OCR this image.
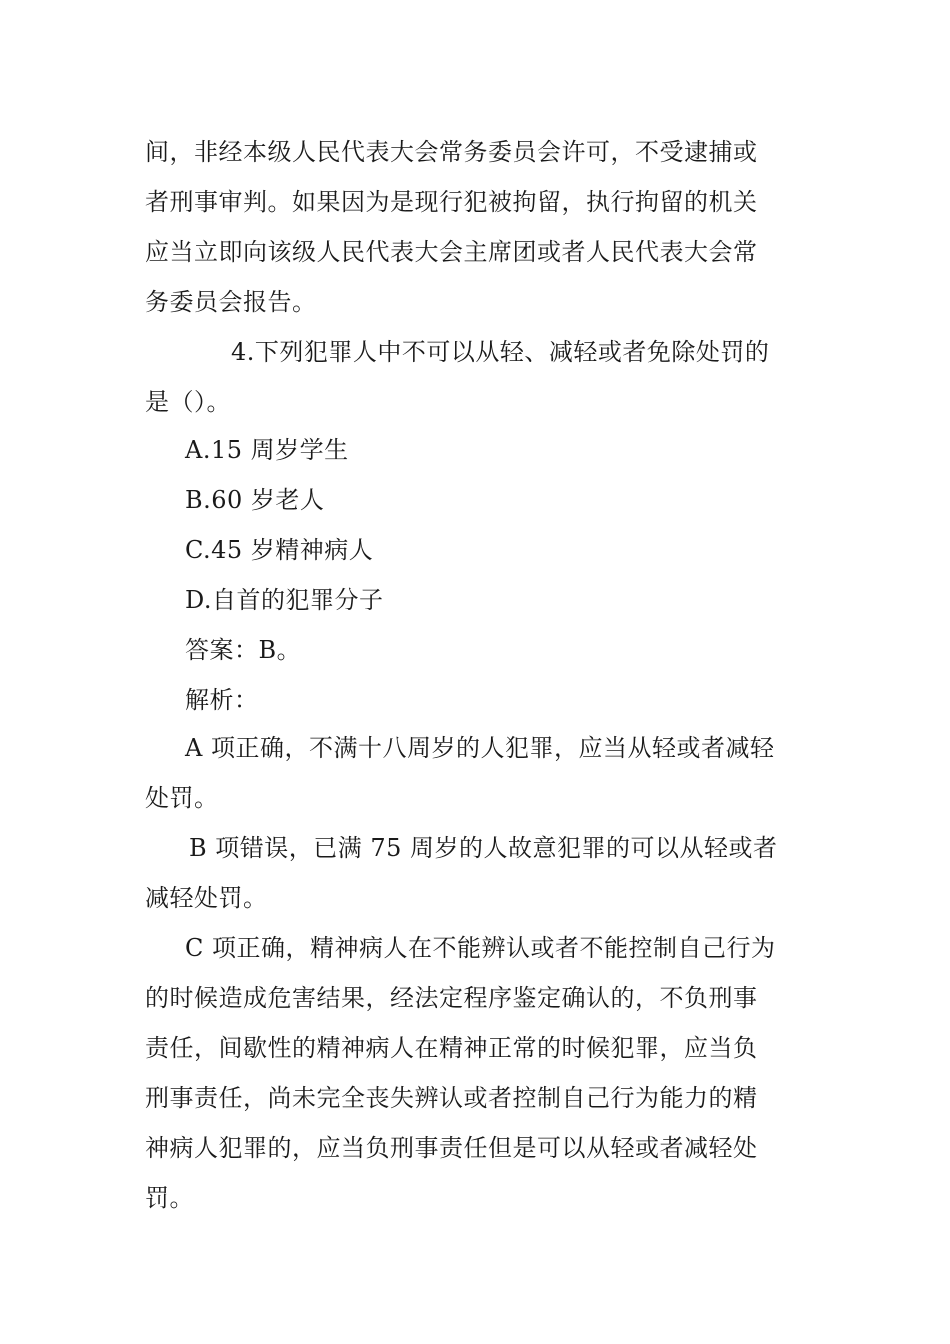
间，非经本级人民代表大会常务委员会许可，不受逮捕或
者刑事审判。如果因为是现行犯被拘留，执行拘留的机关
应当立即向该级人民代表大会主席团或者人民代表大会常
务委员会报告。
4.下列犯罪人中不可以从轻、减轻或者免除处罚的
是（）。
A.15 周岁学生
B.60 岁老人
C.45 岁精神病人
D.自首的犯罪分子
答案：B。
解析：
A 项正确，不满十八周岁的人犯罪，应当从轻或者减轻
处罚。
B 项错误，已满 75 周岁的人故意犯罪的可以从轻或者
减轻处罚。
C 项正确，精神病人在不能辨认或者不能控制自己行为
的时候造成危害结果，经法定程序鉴定确认的，不负刑事
责任，间歇性的精神病人在精神正常的时候犯罪，应当负
刑事责任，尚未完全丧失辨认或者控制自己行为能力的精
神病人犯罪的，应当负刑事责任但是可以从轻或者减轻处
罚。
